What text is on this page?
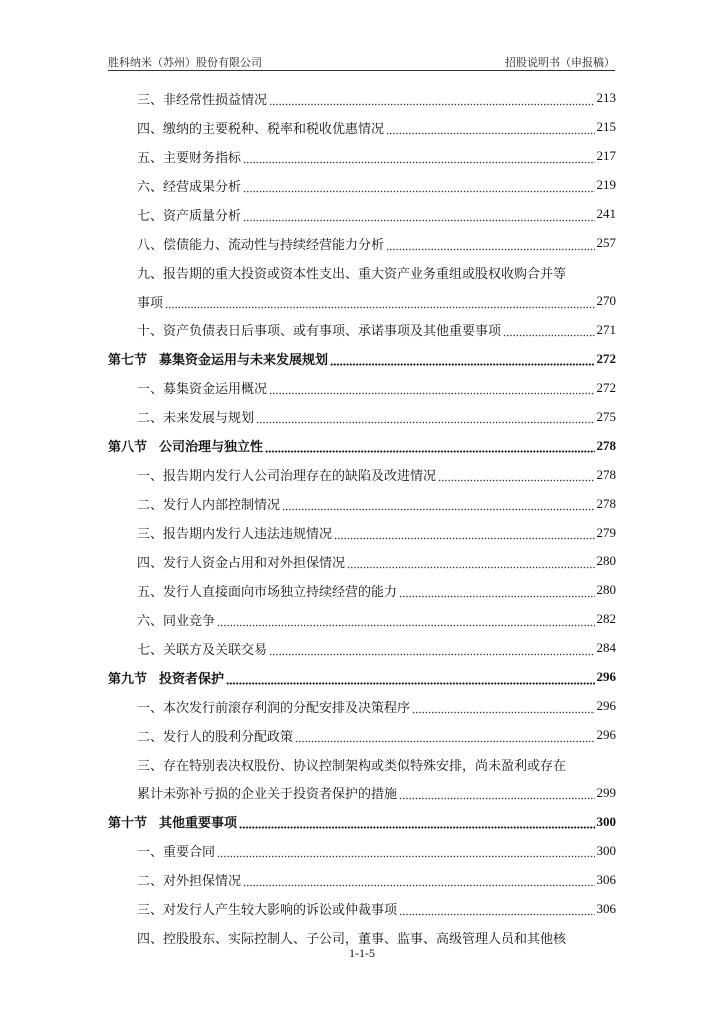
胜科纳米（苏州）股份有限公司	招股说明书（申报稿）
三、非经常性损益情况	213
四、缴纳的主要税种、税率和税收优惠情况	215
五、主要财务指标	217
六、经营成果分析	219
七、资产质量分析	241
八、偿债能力、流动性与持续经营能力分析	257
九、报告期的重大投资或资本性支出、重大资产业务重组或股权收购合并等
事项	270
十、资产负债表日后事项、或有事项、承诺事项及其他重要事项	271
第七节 募集资金运用与未来发展规划	272
一、募集资金运用概况	272
二、未来发展与规划	275
第八节 公司治理与独立性	278
一、报告期内发行人公司治理存在的缺陷及改进情况	278
二、发行人内部控制情况	278
三、报告期内发行人违法违规情况	279
四、发行人资金占用和对外担保情况	280
五、发行人直接面向市场独立持续经营的能力	280
六、同业竞争	282
七、关联方及关联交易	284
第九节 投资者保护	296
一、本次发行前滚存利润的分配安排及决策程序	296
二、发行人的股利分配政策	296
三、存在特别表决权股份、协议控制架构或类似特殊安排，尚未盈利或存在
累计未弥补亏损的企业关于投资者保护的措施	299
第十节 其他重要事项	300
一、重要合同	300
二、对外担保情况	306
三、对发行人产生较大影响的诉讼或仲裁事项	306
四、控股股东、实际控制人、子公司，董事、监事、高级管理人员和其他核
1-1-5
